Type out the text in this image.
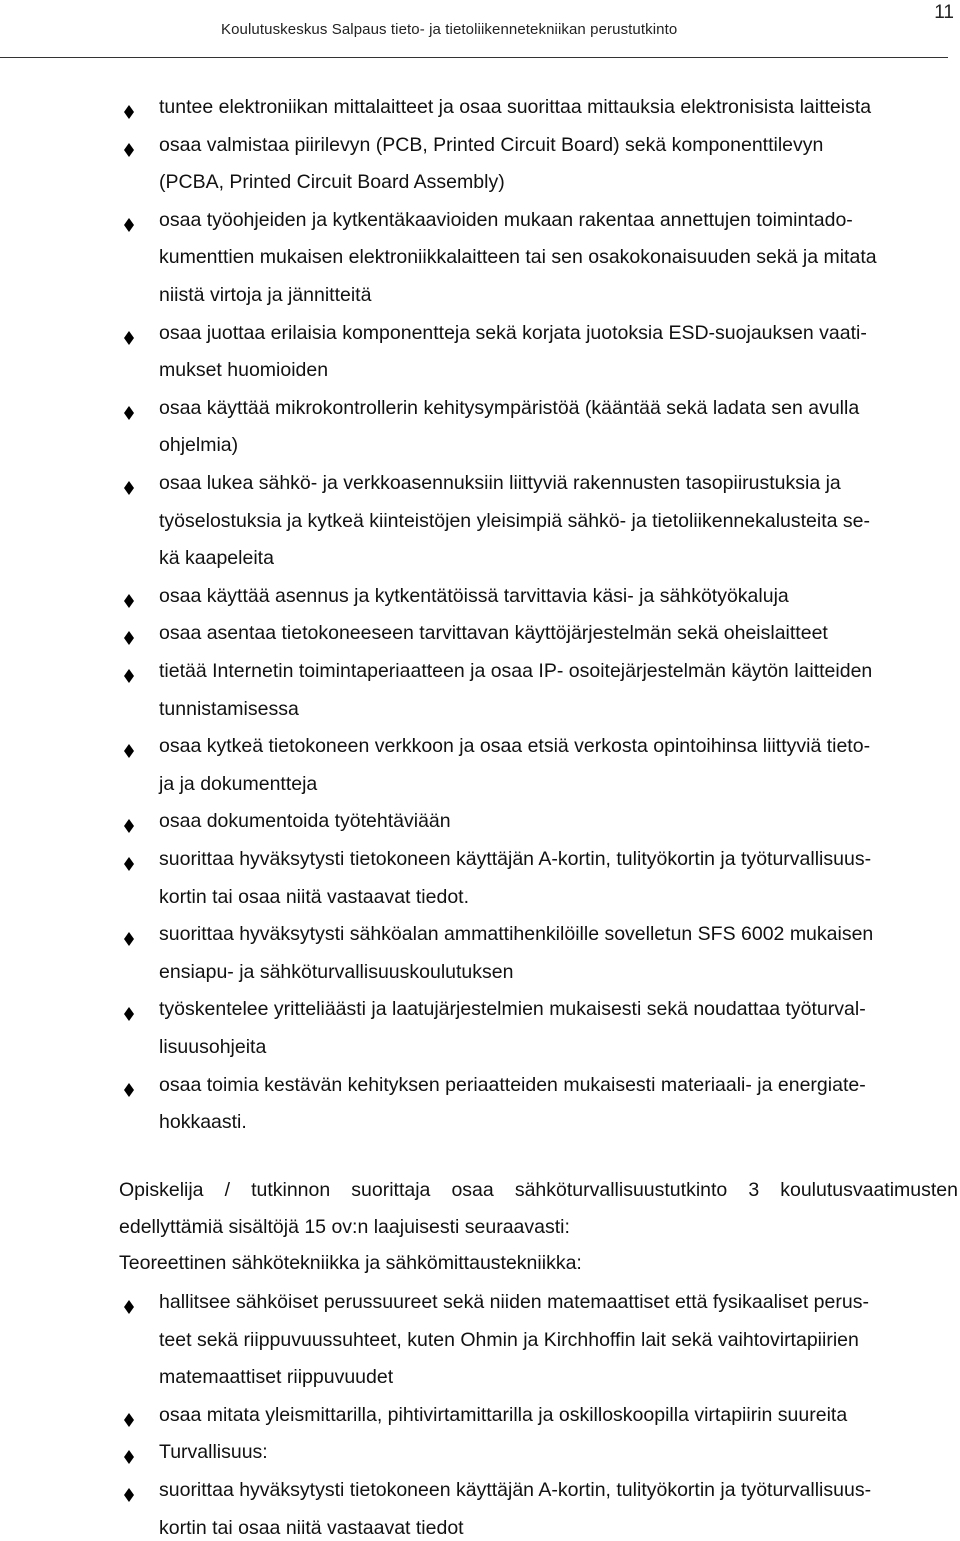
11
Koulutuskeskus Salpaus tieto- ja tietoliikennetekniikan perustutkinto
tuntee elektroniikan mittalaitteet ja osaa suorittaa mittauksia elektronisista laitteista
osaa valmistaa piirilevyn (PCB, Printed Circuit Board) sekä komponenttilevyn
(PCBA, Printed Circuit Board Assembly)
osaa työohjeiden ja kytkentäkaavioiden mukaan rakentaa annettujen toimintado-
kumenttien mukaisen elektroniikkalaitteen tai sen osakokonaisuuden sekä ja mitata
niistä virtoja ja jännitteitä
osaa juottaa erilaisia komponentteja sekä korjata juotoksia ESD-suojauksen vaati-
mukset huomioiden
osaa käyttää mikrokontrollerin kehitysympäristöä (kääntää sekä ladata sen avulla
ohjelmia)
osaa lukea sähkö- ja verkkoasennuksiin liittyviä rakennusten tasopiirustuksia ja
työselostuksia ja kytkeä kiinteistöjen yleisimpiä sähkö- ja tietoliikennekalusteita se-
kä kaapeleita
osaa käyttää asennus ja kytkentätöissä tarvittavia käsi- ja sähkötyökaluja
osaa asentaa tietokoneeseen tarvittavan käyttöjärjestelmän sekä oheislaitteet
tietää Internetin toimintaperiaatteen ja osaa IP- osoitejärjestelmän käytön laitteiden
tunnistamisessa
osaa kytkeä tietokoneen verkkoon ja osaa etsiä verkosta opintoihinsa liittyviä tieto-
ja ja dokumentteja
osaa dokumentoida työtehtäviään
suorittaa hyväksytysti tietokoneen käyttäjän A-kortin, tulityökortin ja työturvallisuus-
kortin tai osaa niitä vastaavat tiedot.
suorittaa hyväksytysti sähköalan ammattihenkilöille sovelletun SFS 6002 mukaisen
ensiapu- ja sähköturvallisuuskoulutuksen
työskentelee yritteliäästi ja laatujärjestelmien mukaisesti sekä noudattaa työturval-
lisuusohjeita
osaa toimia kestävän kehityksen periaatteiden mukaisesti materiaali- ja energiate-
hokkaasti.
Opiskelija / tutkinnon suorittaja osaa sähköturvallisuustutkinto 3 koulutusvaatimusten
edellyttämiä sisältöjä 15 ov:n laajuisesti seuraavasti:
Teoreettinen sähkötekniikka ja sähkömittaustekniikka:
hallitsee sähköiset perussuureet sekä niiden matemaattiset että fysikaaliset perus-
teet sekä riippuvuussuhteet, kuten Ohmin ja Kirchhoffin lait sekä vaihtovirtapiirien
matemaattiset riippuvuudet
osaa mitata yleismittarilla, pihtivirtamittarilla ja oskilloskoopilla virtapiirin suureita
Turvallisuus:
suorittaa hyväksytysti tietokoneen käyttäjän A-kortin, tulityökortin ja työturvallisuus-
kortin tai osaa niitä vastaavat tiedot
